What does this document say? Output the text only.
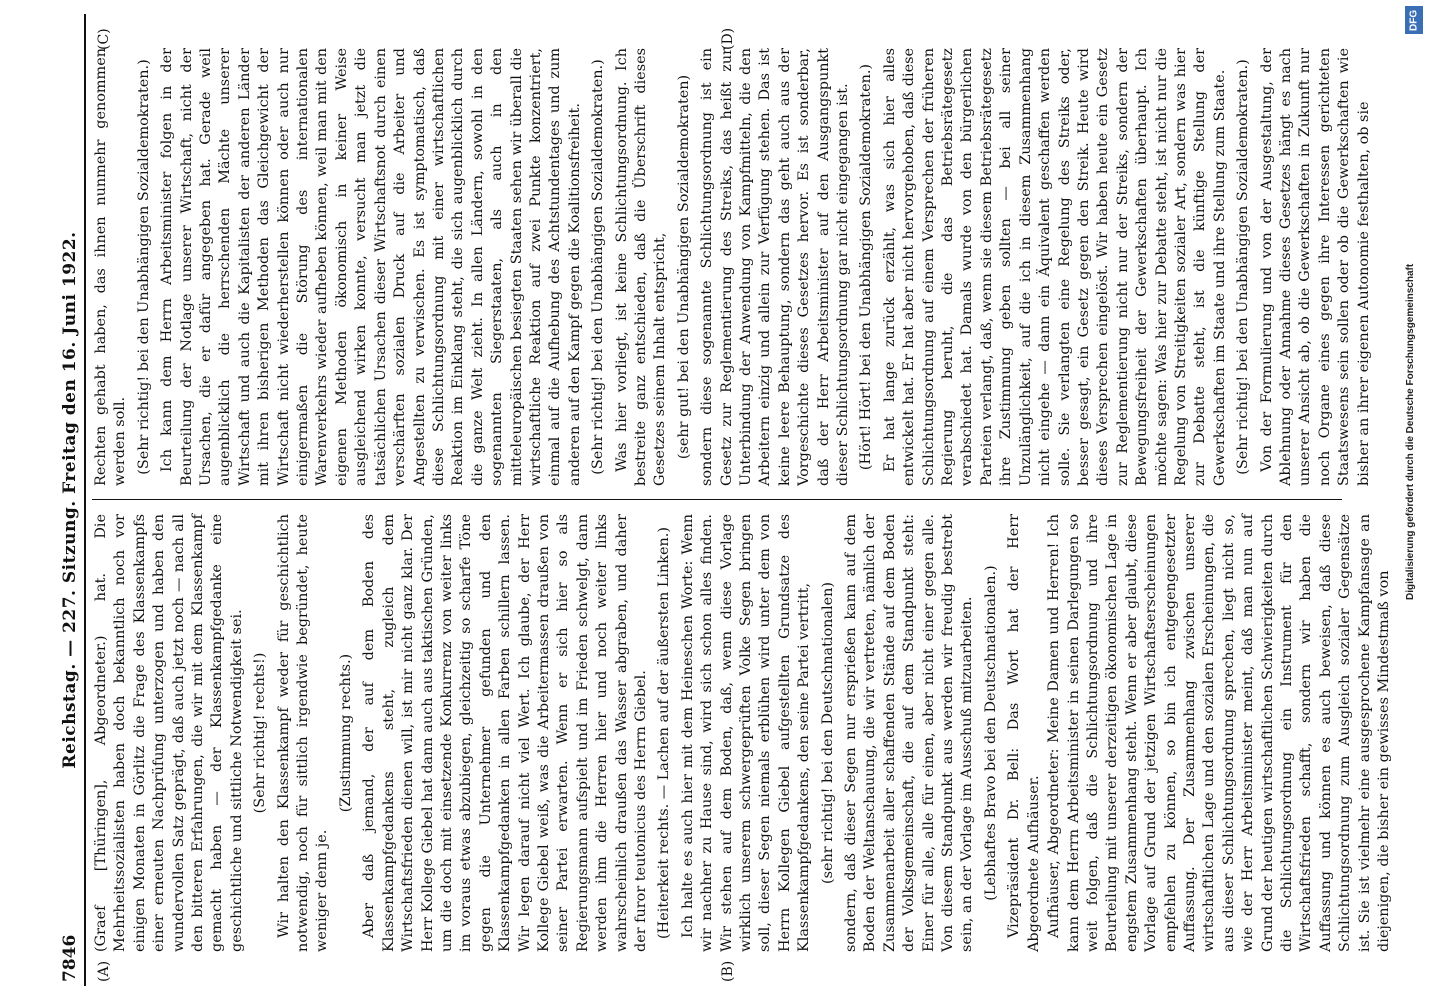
7846
Reichstag. — 227. Sitzung. Freitag den 16. Juni 1922.
(A)	(B)
(C)	(D)

(Graef [Thüringen], Abgeordneter.) hat. Die Mehrheitssozialisten haben doch bekanntlich noch vor einigen Monaten in Görlitz die Frage des Klassenkampfs einer erneuten Nachprüfung unterzogen und haben den wundervollen Satz geprägt, daß auch jetzt noch — nach all den bitteren Erfahrungen, die wir mit dem Klassenkampf gemacht haben — der Klassenkampfgedanke eine geschichtliche und sittliche Notwendigkeit sei. (Sehr richtig! rechts!) Wir halten den Klassenkampf weder für geschichtlich notwendig, noch für sittlich irgendwie begründet, heute weniger denn je.

(Zustimmung rechts.) Aber daß jemand, der auf dem Boden des Klassenkampfgedankens steht, zugleich dem Wirtschaftsfrieden dienen will, ist mir nicht ganz klar. Der Herr Kollege Giebel hat dann auch aus taktischen Gründen, um die doch mit einsetzende Konkurrenz von weiter links im voraus etwas abzubiegen, gleichzeitig so scharfe Töne gegen die Unternehmer gefunden und den Klassenkampfgedanken in allen Farben schillern lassen. Wir legen darauf nicht viel Wert. Ich glaube, der Herr Kollege Giebel weiß, was die Arbeitermassen draußen von seiner Partei erwarten. Wenn er sich hier so als Regierungsmann aufspielt und im Frieden schwelgt, dann werden ihm die Herren hier und noch weiter links wahrscheinlich draußen das Wasser abgraben, und daher der furor teutonicus des Herrn Giebel. (Heiterkeit rechts. — Lachen auf der äußersten Linken.) Ich halte es auch hier mit dem Heineschen Worte: Wenn wir nachher zu Hause sind, wird sich schon alles finden. Wir stehen auf dem Boden, daß, wenn diese Vorlage wirklich unserem schwergeprüften Volke Segen bringen soll, dieser Segen niemals erblühen wird unter dem von Herrn Kollegen Giebel aufgestellten Grundsatze des Klassenkampfgedankens, den seine Partei vertritt, (sehr richtig! bei den Deutschnationalen) sondern, daß dieser Segen nur ersprießen kann auf dem Boden der Weltanschauung, die wir vertreten, nämlich der Zusammenarbeit aller schaffenden Stände auf dem Boden der Volksgemeinschaft, die auf dem Standpunkt steht: Einer für alle, alle für einen, aber nicht einer gegen alle. Von diesem Standpunkt aus werden wir freudig bestrebt sein, an der Vorlage im Ausschuß mitzuarbeiten. (Lebhaftes Bravo bei den Deutschnationalen.) Vizepräsident Dr. Bell: Das Wort hat der Herr Abgeordnete Aufhäuser. Aufhäuser, Abgeordneter: Meine Damen und Herren! Ich kann dem Herrn Arbeitsminister in seinen Darlegungen so weit folgen, daß die Schlichtungsordnung und ihre Beurteilung mit unserer derzeitigen ökonomischen Lage in engstem Zusammenhang steht. Wenn er aber glaubt, diese Vorlage auf Grund der jetzigen Wirtschaftserscheinungen empfehlen zu können, so bin ich entgegengesetzter Auffassung. Der Zusammenhang zwischen unserer wirtschaftlichen Lage und den sozialen Erscheinungen, die aus dieser Schlichtungsordnung sprechen, liegt nicht so, wie der Herr Arbeitsminister meint, daß man nun auf Grund der heutigen wirtschaftlichen Schwierigkeiten durch die Schlichtungsordnung ein Instrument für den Wirtschaftsfrieden schafft, sondern wir haben die Auffassung und können es auch beweisen, daß diese Schlichtungsordnung zum Ausgleich sozialer Gegensätze ist. Sie ist vielmehr eine ausgesprochene Kampfansage an diejenigen, die bisher ein gewisses Mindestmaß von

Rechten gehabt haben, das ihnen nunmehr genommen werden soll. (Sehr richtig! bei den Unabhängigen Sozialdemokraten.) Ich kann dem Herrn Arbeitsminister folgen in der Beurteilung der Notlage unserer Wirtschaft, nicht der Ursachen, die er dafür angegeben hat. Gerade weil augenblicklich die herrschenden Mächte unserer Wirtschaft und auch die Kapitalisten der anderen Länder mit ihren bisherigen Methoden das Gleichgewicht der Wirtschaft nicht wiederherstellen können oder auch nur einigermaßen die Störung des internationalen Warenverkehrs wieder aufheben können, weil man mit den eigenen Methoden ökonomisch in keiner Weise ausgleichend wirken konnte, versucht man jetzt die tatsächlichen Ursachen dieser Wirtschaftsnot durch einen verschärften sozialen Druck auf die Arbeiter und Angestellten zu verwischen. Es ist symptomatisch, daß diese Schlichtungsordnung mit einer wirtschaftlichen Reaktion im Einklang steht, die sich augenblicklich durch die ganze Welt zieht. In allen Ländern, sowohl in den sogenannten Siegerstaaten, als auch in den mitteleuropäischen besiegten Staaten sehen wir überall die wirtschaftliche Reaktion auf zwei Punkte konzentriert, einmal auf die Aufhebung des Achtstundentages und zum anderen auf den Kampf gegen die Koalitionsfreiheit. (Sehr richtig! bei den Unabhängigen Sozialdemokraten.) Was hier vorliegt, ist keine Schlichtungsordnung. Ich bestreite ganz entschieden, daß die Überschrift dieses Gesetzes seinem Inhalt entspricht, (sehr gut! bei den Unabhängigen Sozialdemokraten) sondern diese sogenannte Schlichtungsordnung ist ein Gesetz zur Reglementierung des Streiks, das heißt zur Unterbindung der Anwendung von Kampfmitteln, die den Arbeitern einzig und allein zur Verfügung stehen. Das ist keine leere Behauptung, sondern das geht auch aus der Vorgeschichte dieses Gesetzes hervor. Es ist sonderbar, daß der Herr Arbeitsminister auf den Ausgangspunkt dieser Schlichtungsordnung gar nicht eingegangen ist. (Hört! Hört! bei den Unabhängigen Sozialdemokraten.) Er hat lange zurück erzählt, was sich hier alles entwickelt hat. Er hat aber nicht hervorgehoben, daß diese Schlichtungsordnung auf einem Versprechen der früheren Regierung beruht, die das Betriebsrätegesetz verabschiedet hat. Damals wurde von den bürgerlichen Parteien verlangt, daß, wenn sie diesem Betriebsrätegesetz ihre Zustimmung geben sollten — bei all seiner Unzulänglichkeit, auf die ich in diesem Zusammenhang nicht eingehe — dann ein Äquivalent geschaffen werden solle. Sie verlangten eine Regelung des Streiks oder, besser gesagt, ein Gesetz gegen den Streik. Heute wird dieses Versprechen eingelöst. Wir haben heute ein Gesetz zur Reglementierung nicht nur der Streiks, sondern der Bewegungsfreiheit der Gewerkschaften überhaupt. Ich möchte sagen: Was hier zur Debatte steht, ist nicht nur die Regelung von Streitigkeiten sozialer Art, sondern was hier zur Debatte steht, ist die künftige Stellung der Gewerkschaften im Staate und ihre Stellung zum Staate. (Sehr richtig! bei den Unabhängigen Sozialdemokraten.) Von der Formulierung und von der Ausgestaltung, der Ablehnung oder Annahme dieses Gesetzes hängt es nach unserer Ansicht ab, ob die Gewerkschaften in Zukunft nur noch Organe eines gegen ihre Interessen gerichteten Staatswesens sein sollen oder ob die Gewerkschaften wie bisher an ihrer eigenen Autonomie festhalten, ob sie

DFG
Digitalisierung gefördert durch die Deutsche Forschungsgemeinschaft
